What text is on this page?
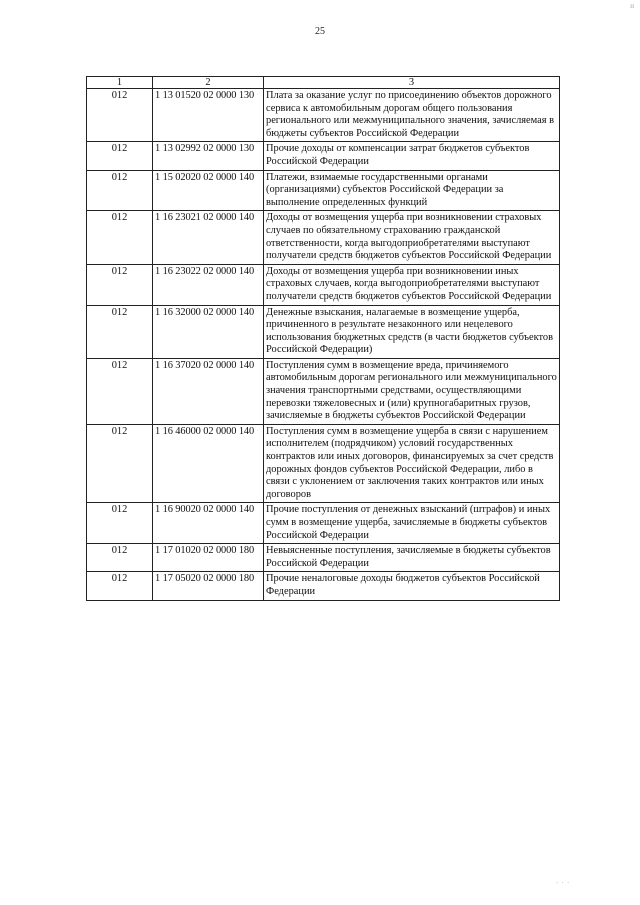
п
25
1	2	3
012	1 13 01520 02 0000 130	Плата за оказание услуг по присоединению объектов дорожного сервиса к автомобильным дорогам общего пользования регионального или межмуниципального значения, зачисляемая в бюджеты субъектов Российской Федерации
012	1 13 02992 02 0000 130	Прочие доходы от компенсации затрат бюджетов субъектов Российской Федерации
012	1 15 02020 02 0000 140	Платежи, взимаемые государственными органами (организациями) субъектов Российской Федерации за выполнение определенных функций
012	1 16 23021 02 0000 140	Доходы от возмещения ущерба при возникновении страховых случаев по обязательному страхованию гражданской ответственности, когда выгодоприобретателями выступают получатели средств бюджетов субъектов Российской Федерации
012	1 16 23022 02 0000 140	Доходы от возмещения ущерба при возникновении иных страховых случаев, когда выгодоприобретателями выступают получатели средств бюджетов субъектов Российской Федерации
012	1 16 32000 02 0000 140	Денежные взыскания, налагаемые в возмещение ущерба, причиненного в результате незаконного или нецелевого использования бюджетных средств (в части бюджетов субъектов Российской Федерации)
012	1 16 37020 02 0000 140	Поступления сумм в возмещение вреда, причиняемого автомобильным дорогам регионального или межмуниципального значения транспортными средствами, осуществляющими перевозки тяжеловесных и (или) крупногабаритных грузов, зачисляемые в бюджеты субъектов Российской Федерации
012	1 16 46000 02 0000 140	Поступления сумм в возмещение ущерба в связи с нарушением исполнителем (подрядчиком) условий государственных контрактов или иных договоров, финансируемых за счет средств дорожных фондов субъектов Российской Федерации, либо в связи с уклонением от заключения таких контрактов или иных договоров
012	1 16 90020 02 0000 140	Прочие поступления от денежных взысканий (штрафов) и иных сумм в возмещение ущерба, зачисляемые в бюджеты субъектов Российской Федерации
012	1 17 01020 02 0000 180	Невыясненные поступления, зачисляемые в бюджеты субъектов Российской Федерации
012	1 17 05020 02 0000 180	Прочие неналоговые доходы бюджетов субъектов Российской Федерации
. . .
